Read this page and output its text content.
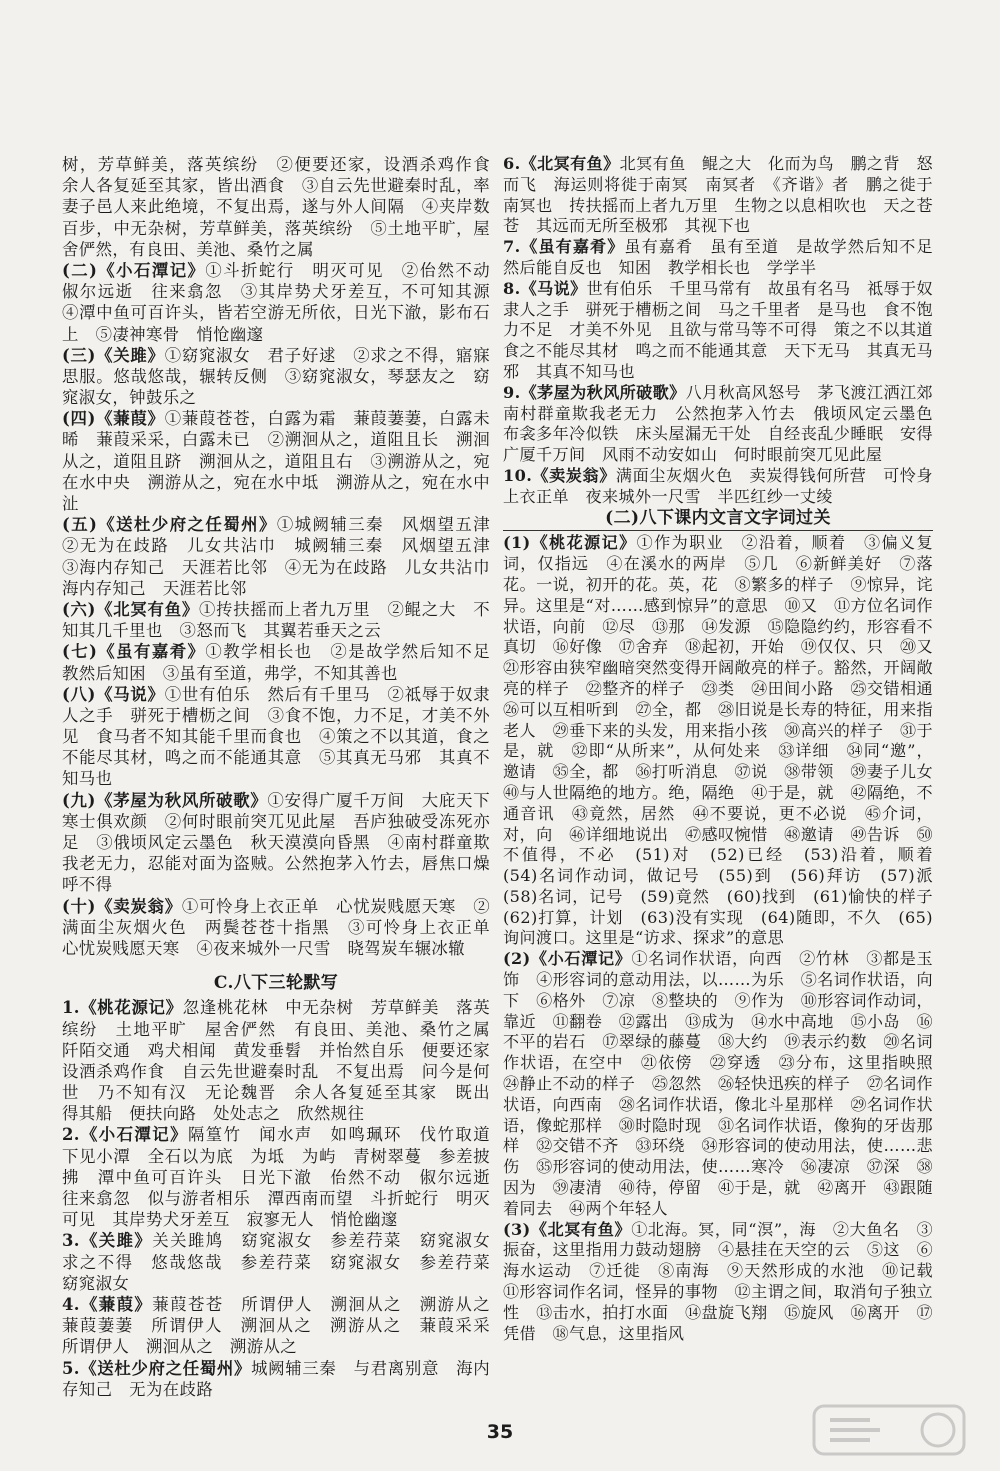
树，芳草鲜美，落英缤纷　②便要还家，设酒杀鸡作食　余人各复延至其家，皆出酒食　③自云先世避秦时乱，率妻子邑人来此绝境，不复出焉，遂与外人间隔　④夹岸数百步，中无杂树，芳草鲜美，落英缤纷　⑤土地平旷，屋舍俨然，有良田、美池、桑竹之属

(二)《小石潭记》①斗折蛇行　明灭可见　②佁然不动　俶尔远逝　往来翕忽　③其岸势犬牙差互，不可知其源　④潭中鱼可百许头，皆若空游无所依，日光下澈，影布石上　⑤凄神寒骨　悄怆幽邃

(三)《关雎》①窈窕淑女　君子好逑　②求之不得，寤寐思服。悠哉悠哉，辗转反侧　③窈窕淑女，琴瑟友之　窈窕淑女，钟鼓乐之

(四)《蒹葭》①蒹葭苍苍，白露为霜　蒹葭萋萋，白露未晞　蒹葭采采，白露未已　②溯洄从之，道阻且长　溯洄从之，道阻且跻　溯洄从之，道阻且右　③溯游从之，宛在水中央　溯游从之，宛在水中坻　溯游从之，宛在水中沚

(五)《送杜少府之任蜀州》①城阙辅三秦　风烟望五津　②无为在歧路　儿女共沾巾　城阙辅三秦　风烟望五津　③海内存知己　天涯若比邻　④无为在歧路　儿女共沾巾　海内存知己　天涯若比邻

(六)《北冥有鱼》①抟扶摇而上者九万里　②鲲之大　不知其几千里也　③怒而飞　其翼若垂天之云

(七)《虽有嘉肴》①教学相长也　②是故学然后知不足　教然后知困　③虽有至道，弗学，不知其善也

(八)《马说》①世有伯乐　然后有千里马　②祗辱于奴隶人之手　骈死于槽枥之间　③食不饱，力不足，才美不外见　食马者不知其能千里而食也　④策之不以其道，食之不能尽其材，鸣之而不能通其意　⑤其真无马邪　其真不知马也

(九)《茅屋为秋风所破歌》①安得广厦千万间　大庇天下寒士俱欢颜　②何时眼前突兀见此屋　吾庐独破受冻死亦足　③俄顷风定云墨色　秋天漠漠向昏黑　④南村群童欺我老无力，忍能对面为盗贼。公然抱茅入竹去，唇焦口燥呼不得

(十)《卖炭翁》①可怜身上衣正单　心忧炭贱愿天寒　②满面尘灰烟火色　两鬓苍苍十指黑　③可怜身上衣正单　心忧炭贱愿天寒　④夜来城外一尺雪　晓驾炭车辗冰辙

C.八下三轮默写

1.《桃花源记》忽逢桃花林　中无杂树　芳草鲜美　落英缤纷　土地平旷　屋舍俨然　有良田、美池、桑竹之属　阡陌交通　鸡犬相闻　黄发垂髫　并怡然自乐　便要还家　设酒杀鸡作食　自云先世避秦时乱　不复出焉　问今是何世　乃不知有汉　无论魏晋　余人各复延至其家　既出　得其船　便扶向路　处处志之　欣然规往

2.《小石潭记》隔篁竹　闻水声　如鸣珮环　伐竹取道　下见小潭　全石以为底　为坻　为屿　青树翠蔓　参差披拂　潭中鱼可百许头　日光下澈　佁然不动　俶尔远逝　往来翕忽　似与游者相乐　潭西南而望　斗折蛇行　明灭可见　其岸势犬牙差互　寂寥无人　悄怆幽邃

3.《关雎》关关雎鸠　窈窕淑女　参差荇菜　窈窕淑女　求之不得　悠哉悠哉　参差荇菜　窈窕淑女　参差荇菜　窈窕淑女

4.《蒹葭》蒹葭苍苍　所谓伊人　溯洄从之　溯游从之　蒹葭萋萋　所谓伊人　溯洄从之　溯游从之　蒹葭采采　所谓伊人　溯洄从之　溯游从之

5.《送杜少府之任蜀州》城阙辅三秦　与君离别意　海内存知己　无为在歧路

6.《北冥有鱼》北冥有鱼　鲲之大　化而为鸟　鹏之背　怒而飞　海运则将徙于南冥　南冥者　《齐谐》者　鹏之徙于南冥也　抟扶摇而上者九万里　生物之以息相吹也　天之苍苍　其远而无所至极邪　其视下也

7.《虽有嘉肴》虽有嘉肴　虽有至道　是故学然后知不足　然后能自反也　知困　教学相长也　学学半

8.《马说》世有伯乐　千里马常有　故虽有名马　祗辱于奴隶人之手　骈死于槽枥之间　马之千里者　是马也　食不饱　力不足　才美不外见　且欲与常马等不可得　策之不以其道　食之不能尽其材　鸣之而不能通其意　天下无马　其真无马邪　其真不知马也

9.《茅屋为秋风所破歌》八月秋高风怒号　茅飞渡江洒江郊　南村群童欺我老无力　公然抱茅入竹去　俄顷风定云墨色　布衾多年冷似铁　床头屋漏无干处　自经丧乱少睡眠　安得广厦千万间　风雨不动安如山　何时眼前突兀见此屋

10.《卖炭翁》满面尘灰烟火色　卖炭得钱何所营　可怜身上衣正单　夜来城外一尺雪　半匹红纱一丈绫

(二)八下课内文言文字词过关

(1)《桃花源记》①作为职业　②沿着，顺着　③偏义复词，仅指远　④在溪水的两岸　⑤几　⑥新鲜美好　⑦落花。一说，初开的花。英，花　⑧繁多的样子　⑨惊异，诧异。这里是“对……感到惊异”的意思　⑩又　⑪方位名词作状语，向前　⑫尽　⑬那　⑭发源　⑮隐隐约约，形容看不真切　⑯好像　⑰舍弃　⑱起初，开始　⑲仅仅、只　⑳又　㉑形容由狭窄幽暗突然变得开阔敞亮的样子。豁然，开阔敞亮的样子　㉒整齐的样子　㉓类　㉔田间小路　㉕交错相通　㉖可以互相听到　㉗全，都　㉘旧说是长寿的特征，用来指老人　㉙垂下来的头发，用来指小孩　㉚高兴的样子　㉛于是，就　㉜即“从所来”，从何处来　㉝详细　㉞同“邀”，邀请　㉟全，都　㊱打听消息　㊲说　㊳带领　㊴妻子儿女　㊵与人世隔绝的地方。绝，隔绝　㊶于是，就　㊷隔绝，不通音讯　㊸竟然，居然　㊹不要说，更不必说　㊺介词，对，向　㊻详细地说出　㊼感叹惋惜　㊽邀请　㊾告诉　㊿不值得，不必　(51)对　(52)已经　(53)沿着，顺着　(54)名词作动词，做记号　(55)到　(56)拜访　(57)派　(58)名词，记号　(59)竟然　(60)找到　(61)愉快的样子　(62)打算，计划　(63)没有实现　(64)随即，不久　(65)询问渡口。这里是“访求、探求”的意思

(2)《小石潭记》①名词作状语，向西　②竹林　③都是玉饰　④形容词的意动用法，以……为乐　⑤名词作状语，向下　⑥格外　⑦凉　⑧整块的　⑨作为　⑩形容词作动词，靠近　⑪翻卷　⑫露出　⑬成为　⑭水中高地　⑮小岛　⑯不平的岩石　⑰翠绿的藤蔓　⑱大约　⑲表示约数　⑳名词作状语，在空中　㉑依傍　㉒穿透　㉓分布，这里指映照　㉔静止不动的样子　㉕忽然　㉖轻快迅疾的样子　㉗名词作状语，向西南　㉘名词作状语，像北斗星那样　㉙名词作状语，像蛇那样　㉚时隐时现　㉛名词作状语，像狗的牙齿那样　㉜交错不齐　㉝环绕　㉞形容词的使动用法，使……悲伤　㉟形容词的使动用法，使……寒冷　㊱凄凉　㊲深　㊳因为　㊴凄清　㊵待，停留　㊶于是，就　㊷离开　㊸跟随着同去　㊹两个年轻人

(3)《北冥有鱼》①北海。冥，同“溟”，海　②大鱼名　③振奋，这里指用力鼓动翅膀　④悬挂在天空的云　⑤这　⑥海水运动　⑦迁徙　⑧南海　⑨天然形成的水池　⑩记载　⑪形容词作名词，怪异的事物　⑫主谓之间，取消句子独立性　⑬击水，拍打水面　⑭盘旋飞翔　⑮旋风　⑯离开　⑰凭借　⑱气息，这里指风

35
